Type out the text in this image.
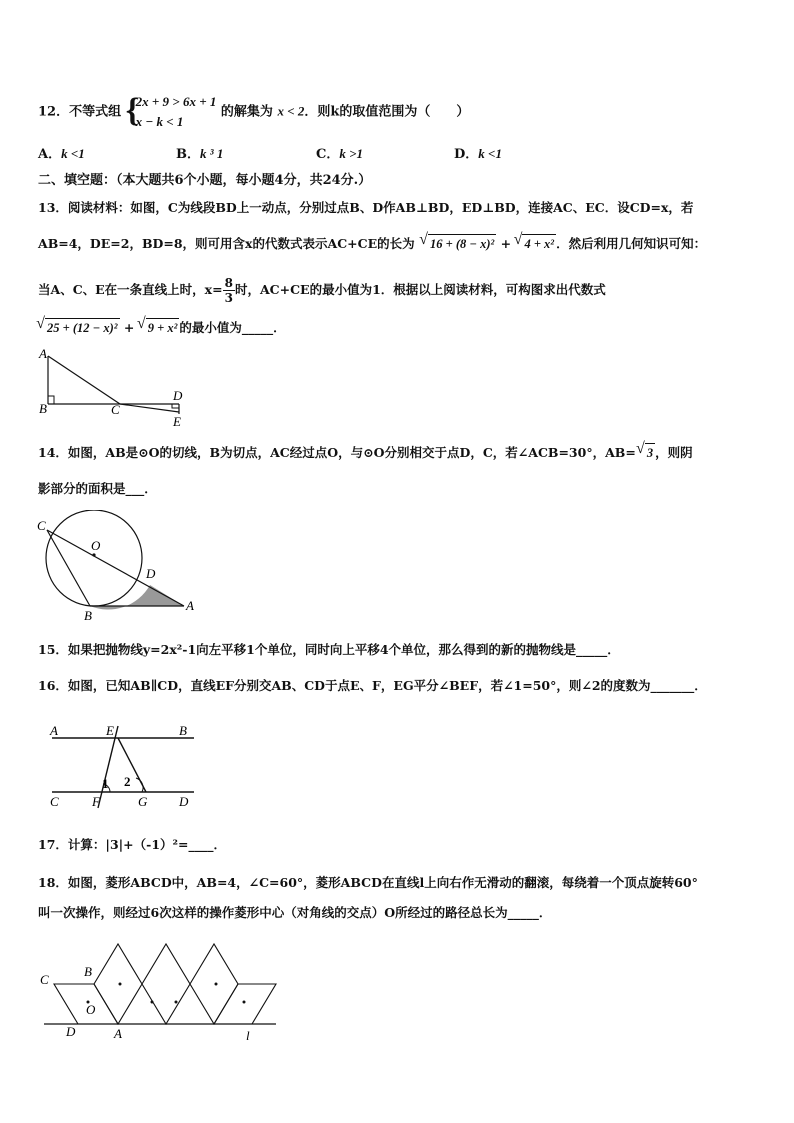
12．不等式组 {
2x + 9 > 6x + 1
x − k < 1
的解集为 x < 2．则k的取值范围为（　　）
A．k <1	B．k ³ 1	C．k >1	D．k <1
二、填空题：（本大题共6个小题，每小题4分，共24分.）
13．阅读材料：如图，C为线段BD上一动点，分别过点B、D作AB⊥BD，ED⊥BD，连接AC、EC．设CD=x，若
AB=4，DE=2，BD=8，则可用含x的代数式表示AC+CE的长为 √ 16 + (8 − x)² + √ 4 + x² ．然后利用几何知识可知：
当A、C、E在一条直线上时，$x= \frac{8}{3}$ 时，AC+CE的最小值为1．根据以上阅读材料，可构图求出代数式
√ 25 + (12 − x)² + √ 9 + x² 的最小值为_____．
A
B	C
D
E
14．如图，AB是⊙O的切线，B为切点，AC经过点O，与⊙O分别相交于点D，C，若∠ACB=30°，AB= √ 3 ，则阴
影部分的面积是___．
C
O
D
B
A
15．如果把抛物线y=2x²-1向左平移1个单位，同时向上平移4个单位，那么得到的新的抛物线是_____．
16．如图，已知AB∥CD，直线EF分别交AB、CD于点E、F，EG平分∠BEF，若∠1=50°，则∠2的度数为_______．
A	E	B
C	F	G D
1 2
17．计算：|3|+（-1）²=____．
18．如图，菱形ABCD中，AB=4，∠C=60°，菱形ABCD在直线l上向右作无滑动的翻滚，每绕着一个顶点旋转60°
叫一次操作，则经过6次这样的操作菱形中心（对角线的交点）O所经过的路径总长为_____．
C
B
O
D	A	l
